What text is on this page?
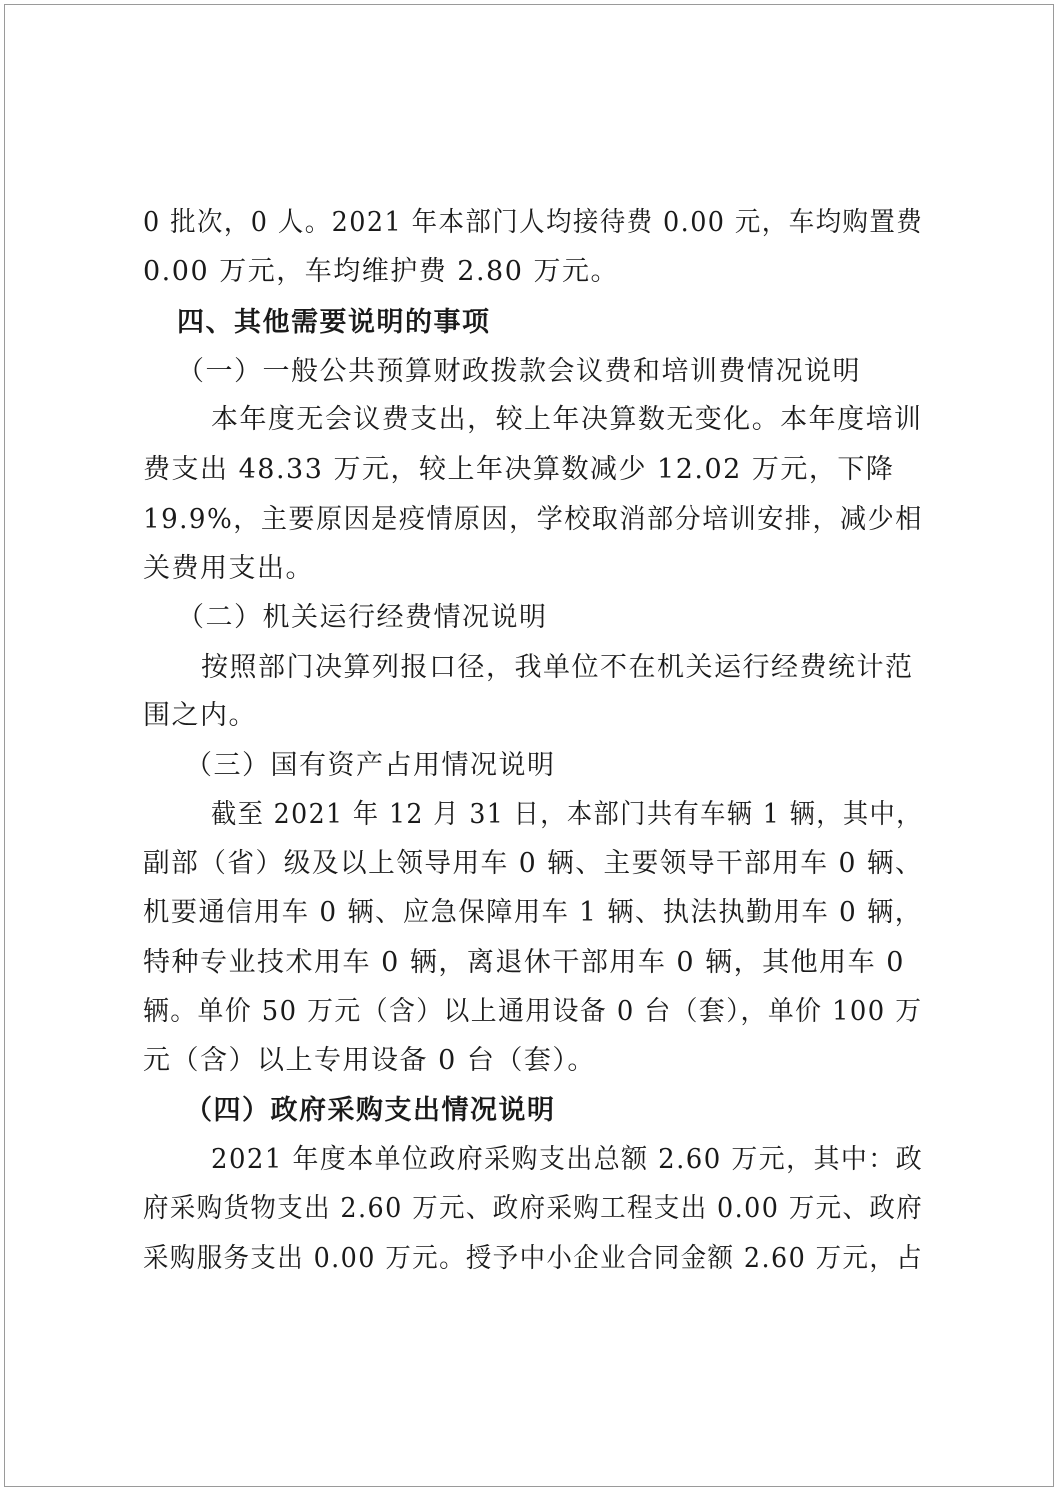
0 批次，0 人。2021 年本部门人均接待费 0.00 元，车均购置费
0.00 万元，车均维护费 2.80 万元。
四、其他需要说明的事项
（一）一般公共预算财政拨款会议费和培训费情况说明
本年度无会议费支出，较上年决算数无变化。本年度培训
费支出 48.33 万元，较上年决算数减少 12.02 万元，下降
19.9%，主要原因是疫情原因，学校取消部分培训安排，减少相
关费用支出。
（二）机关运行经费情况说明
按照部门决算列报口径，我单位不在机关运行经费统计范
围之内。
（三）国有资产占用情况说明
截至 2021 年 12 月 31 日，本部门共有车辆 1 辆，其中，
副部（省）级及以上领导用车 0 辆、主要领导干部用车 0 辆、
机要通信用车 0 辆、应急保障用车 1 辆、执法执勤用车 0 辆，
特种专业技术用车 0 辆，离退休干部用车 0 辆，其他用车 0
辆。单价 50 万元（含）以上通用设备 0 台（套），单价 100 万
元（含）以上专用设备 0 台（套）。
（四）政府采购支出情况说明
2021 年度本单位政府采购支出总额 2.60 万元，其中：政
府采购货物支出 2.60 万元、政府采购工程支出 0.00 万元、政府
采购服务支出 0.00 万元。授予中小企业合同金额 2.60 万元，占
